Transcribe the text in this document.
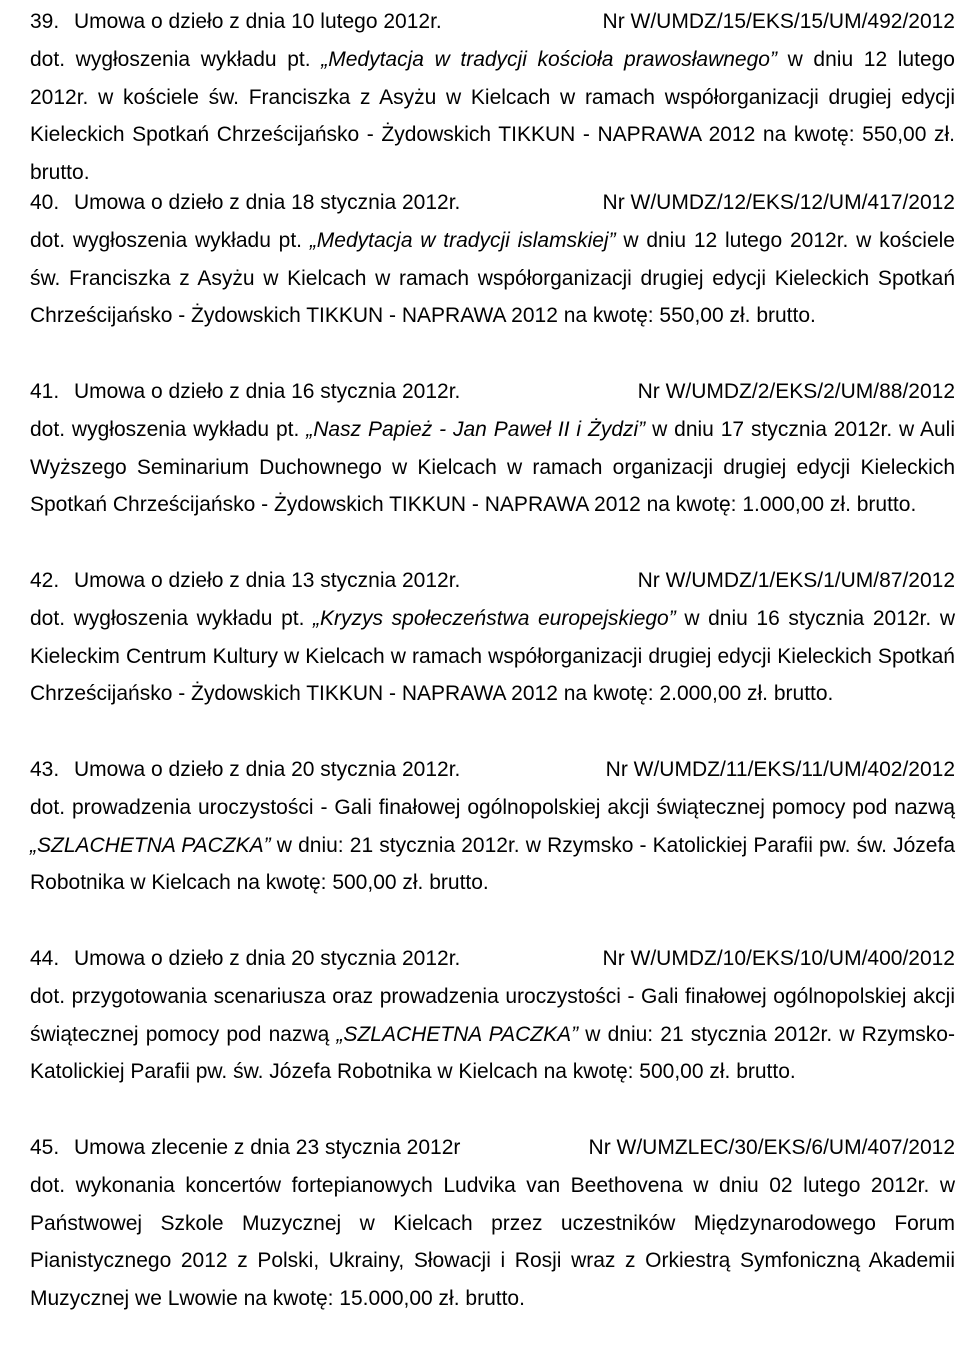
39. Umowa o dzieło z dnia 10 lutego 2012r.	Nr W/UMDZ/15/EKS/15/UM/492/2012
dot. wygłoszenia wykładu pt. „Medytacja w tradycji kościoła prawosławnego” w dniu 12 lutego 2012r. w kościele św. Franciszka z Asyżu w Kielcach w ramach współorganizacji drugiej edycji Kieleckich Spotkań Chrześcijańsko - Żydowskich TIKKUN - NAPRAWA 2012 na kwotę: 550,00 zł. brutto.
40. Umowa o dzieło z dnia 18 stycznia 2012r.	Nr W/UMDZ/12/EKS/12/UM/417/2012
dot. wygłoszenia wykładu pt. „Medytacja w tradycji islamskiej” w dniu 12 lutego 2012r. w kościele św. Franciszka z Asyżu w Kielcach w ramach współorganizacji drugiej edycji Kieleckich Spotkań Chrześcijańsko - Żydowskich TIKKUN - NAPRAWA 2012 na kwotę: 550,00 zł. brutto.
41. Umowa o dzieło z dnia 16 stycznia 2012r.	Nr W/UMDZ/2/EKS/2/UM/88/2012
dot. wygłoszenia wykładu pt. „Nasz Papież - Jan Paweł II i Żydzi” w dniu 17 stycznia 2012r. w Auli Wyższego Seminarium Duchownego w Kielcach w ramach organizacji drugiej edycji Kieleckich Spotkań Chrześcijańsko - Żydowskich TIKKUN - NAPRAWA 2012 na kwotę: 1.000,00 zł. brutto.
42. Umowa o dzieło z dnia 13 stycznia 2012r.	Nr W/UMDZ/1/EKS/1/UM/87/2012
dot. wygłoszenia wykładu pt. „Kryzys społeczeństwa europejskiego” w dniu 16 stycznia 2012r. w Kieleckim Centrum Kultury w Kielcach w ramach współorganizacji drugiej edycji Kieleckich Spotkań Chrześcijańsko - Żydowskich TIKKUN - NAPRAWA 2012 na kwotę: 2.000,00 zł. brutto.
43. Umowa o dzieło z dnia 20 stycznia 2012r.	Nr W/UMDZ/11/EKS/11/UM/402/2012
dot. prowadzenia uroczystości - Gali finałowej ogólnopolskiej akcji świątecznej pomocy pod nazwą „SZLACHETNA PACZKA” w dniu: 21 stycznia 2012r. w Rzymsko - Katolickiej Parafii pw. św. Józefa Robotnika w Kielcach na kwotę: 500,00 zł. brutto.
44. Umowa o dzieło z dnia 20 stycznia 2012r.	Nr W/UMDZ/10/EKS/10/UM/400/2012
dot. przygotowania scenariusza oraz prowadzenia uroczystości - Gali finałowej ogólnopolskiej akcji świątecznej pomocy pod nazwą „SZLACHETNA PACZKA” w dniu: 21 stycznia 2012r. w Rzymsko-Katolickiej Parafii pw. św. Józefa Robotnika w Kielcach na kwotę: 500,00 zł. brutto.
45. Umowa zlecenie z dnia 23 stycznia 2012r	Nr W/UMZLEC/30/EKS/6/UM/407/2012
dot. wykonania koncertów fortepianowych Ludvika van Beethovena w dniu 02 lutego 2012r. w Państwowej Szkole Muzycznej w Kielcach przez uczestników Międzynarodowego Forum Pianistycznego 2012 z Polski, Ukrainy, Słowacji i Rosji wraz z Orkiestrą Symfoniczną Akademii Muzycznej we Lwowie na kwotę: 15.000,00 zł. brutto.
